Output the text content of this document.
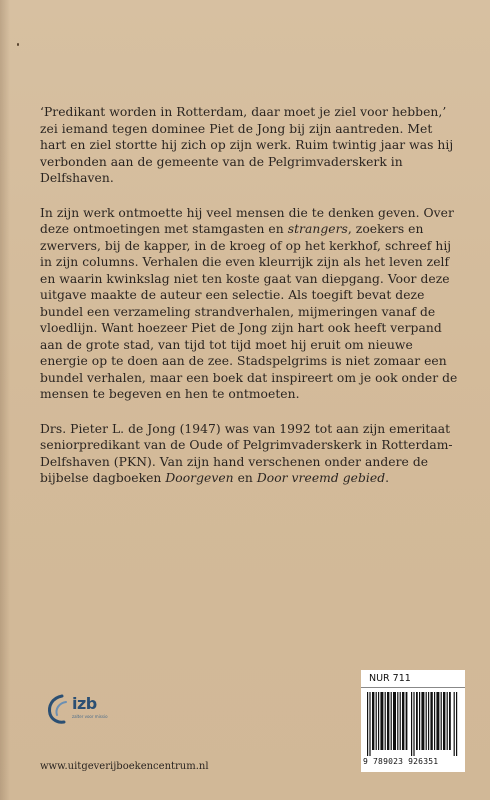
‘Predikant worden in Rotterdam, daar moet je ziel voor hebben,’ zei iemand tegen dominee Piet de Jong bij zijn aantreden. Met hart en ziel stortte hij zich op zijn werk. Ruim twintig jaar was hij verbonden aan de gemeente van de Pelgrimvaderskerk in Delfshaven.

In zijn werk ontmoette hij veel mensen die te denken geven. Over deze ontmoetingen met stamgasten en strangers, zoekers en zwervers, bij de kapper, in de kroeg of op het kerkhof, schreef hij in zijn columns. Verhalen die even kleurrijk zijn als het leven zelf en waarin kwinkslag niet ten koste gaat van diepgang. Voor deze uitgave maakte de auteur een selectie. Als toegift bevat deze bundel een verzameling strandverhalen, mijmeringen vanaf de vloedlijn. Want hoezeer Piet de Jong zijn hart ook heeft verpand aan de grote stad, van tijd tot tijd moet hij eruit om nieuwe energie op te doen aan de zee. Stadspelgrims is niet zomaar een bundel verhalen, maar een boek dat inspireert om je ook onder de mensen te begeven en hen te ontmoeten.

Drs. Pieter L. de Jong (1947) was van 1992 tot aan zijn emeritaat seniorpredikant van de Oude of Pelgrimvaderskerk in Rotterdam-Delfshaven (PKN). Van zijn hand verschenen onder andere de bijbelse dagboeken Doorgeven en Door vreemd gebied.

izb
zalter voor missio
www.uitgeverijboekencentrum.nl
NUR 711
9 789023 926351
